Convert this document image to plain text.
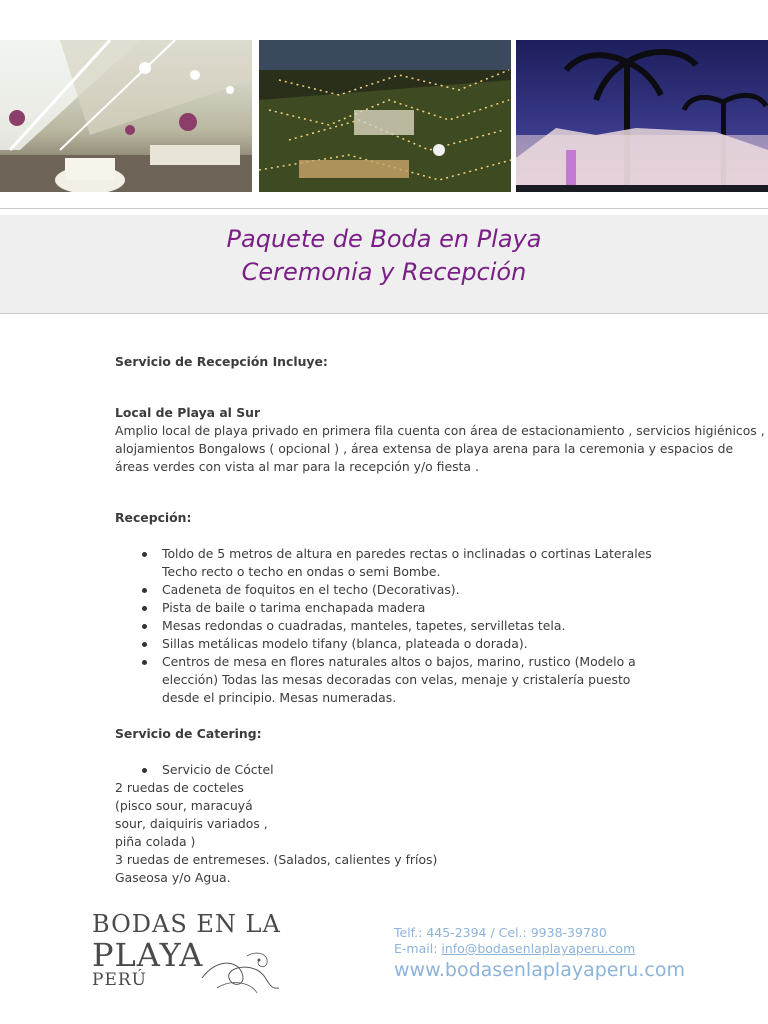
Paquete de Boda en Playa
Ceremonia y Recepción
Servicio de Recepción Incluye:
Local de Playa al Sur

Amplio local de playa privado en primera fila cuenta con área de estacionamiento , servicios higiénicos , alojamientos Bongalows ( opcional ) , área extensa de playa arena para la ceremonia y espacios de áreas verdes con vista al mar para la recepción y/o fiesta .

Recepción:
Toldo de 5 metros de altura en paredes rectas o inclinadas o cortinas Laterales Techo recto o techo en ondas o semi Bombe.
Cadeneta de foquitos en el techo (Decorativas).
Pista de baile o tarima enchapada madera
Mesas redondas o cuadradas, manteles, tapetes, servilletas tela.
Sillas metálicas modelo tifany (blanca, plateada o dorada).
Centros de mesa en flores naturales altos o bajos, marino, rustico (Modelo a elección) Todas las mesas decoradas con velas, menaje y cristalería puesto desde el principio. Mesas numeradas.
Servicio de Catering:
Servicio de Cóctel

2 ruedas de cocteles

(pisco sour, maracuyá

sour, daiquiris variados ,

piña colada )

3 ruedas de entremeses. (Salados, calientes y fríos)

Gaseosa y/o Agua.

BODAS EN LA
PLAYA
PERÚ
Telf.: 445-2394 / Cel.: 9938-39780
E-mail: info@bodasenlaplayaperu.com
www.bodasenlaplayaperu.com
